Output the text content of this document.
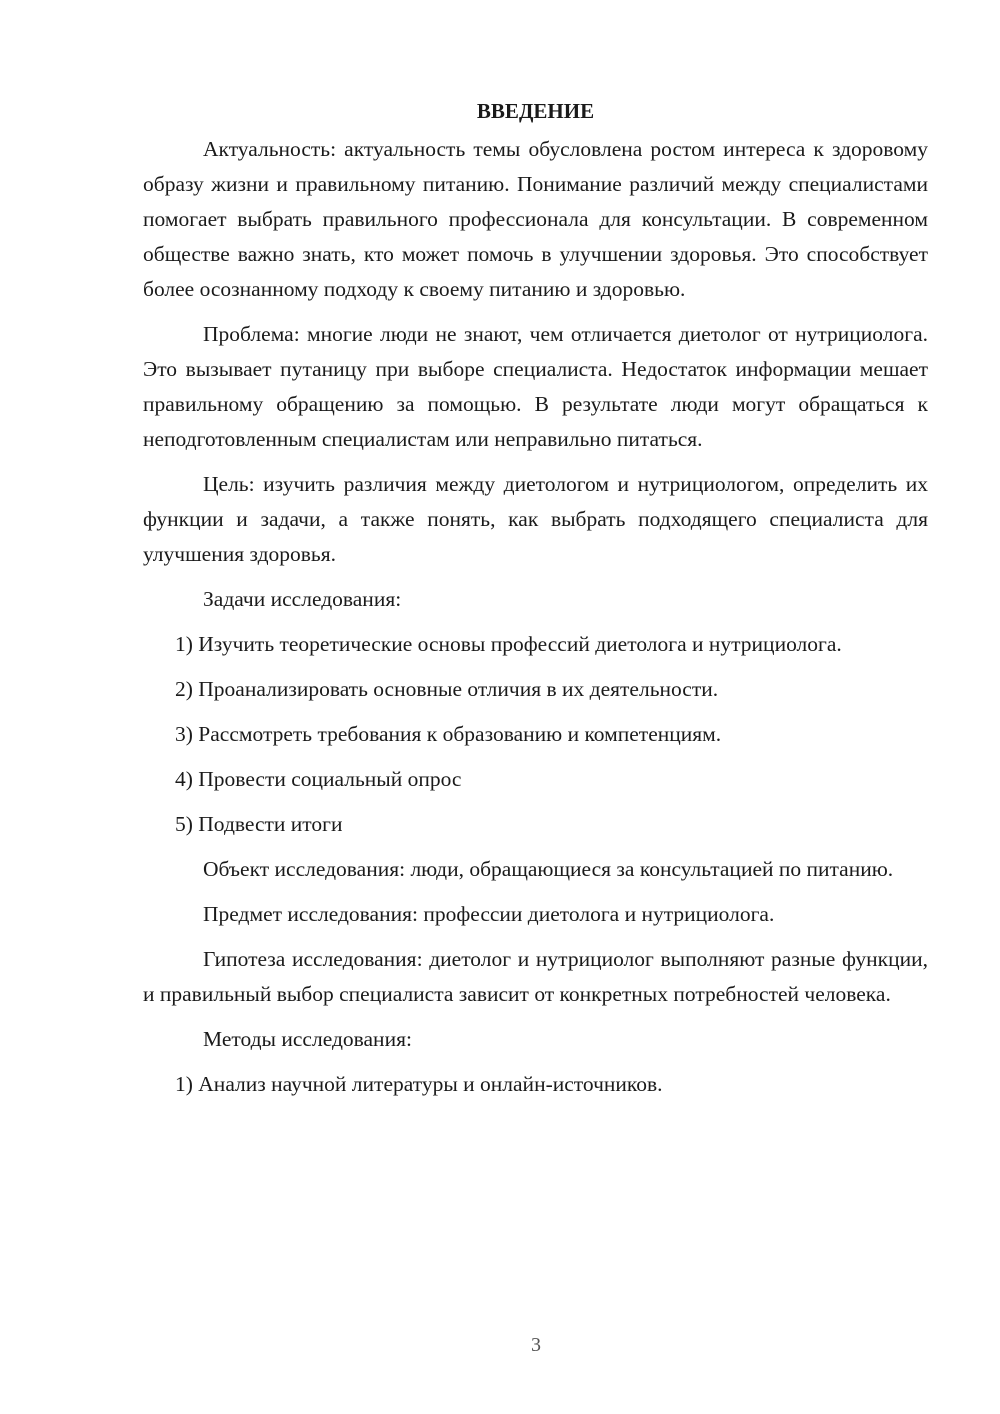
ВВЕДЕНИЕ

Актуальность: актуальность темы обусловлена ростом интереса к здоровому образу жизни и правильному питанию. Понимание различий между специалистами помогает выбрать правильного профессионала для консультации. В современном обществе важно знать, кто может помочь в улучшении здоровья. Это способствует более осознанному подходу к своему питанию и здоровью.

Проблема: многие люди не знают, чем отличается диетолог от нутрициолога. Это вызывает путаницу при выборе специалиста. Недостаток информации мешает правильному обращению за помощью. В результате люди могут обращаться к неподготовленным специалистам или неправильно питаться.

Цель: изучить различия между диетологом и нутрициологом, определить их функции и задачи, а также понять, как выбрать подходящего специалиста для улучшения здоровья.

Задачи исследования:

1) Изучить теоретические основы профессий диетолога и нутрициолога.

2) Проанализировать основные отличия в их деятельности.

3) Рассмотреть требования к образованию и компетенциям.

4) Провести социальный опрос

5) Подвести итоги

Объект исследования: люди, обращающиеся за консультацией по питанию.

Предмет исследования: профессии диетолога и нутрициолога.

Гипотеза исследования: диетолог и нутрициолог выполняют разные функции, и правильный выбор специалиста зависит от конкретных потребностей человека.

Методы исследования:

1) Анализ научной литературы и онлайн-источников.

3
